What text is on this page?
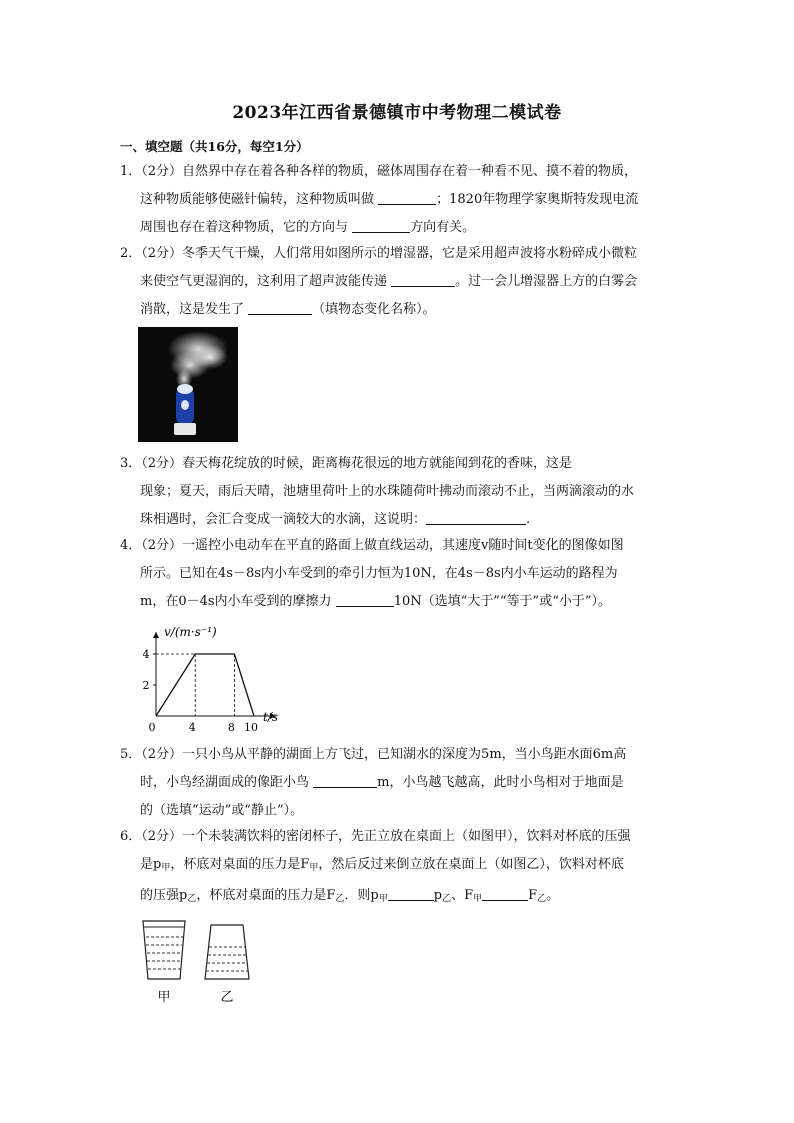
2023年江西省景德镇市中考物理二模试卷
一、填空题（共16分，每空1分）
1．（2分）自然界中存在着各种各样的物质，磁体周围存在着一种看不见、摸不着的物质，
这种物质能够使磁针偏转，这种物质叫做	；1820年物理学家奥斯特发现电流
周围也存在着这种物质，它的方向与	方向有关。
2．（2分）冬季天气干燥，人们常用如图所示的增湿器，它是采用超声波将水粉碎成小微粒
来使空气更湿润的，这利用了超声波能传递	。过一会儿增湿器上方的白雾会
消散，这是发生了	（填物态变化名称）。
3．（2分）春天梅花绽放的时候，距离梅花很远的地方就能闻到花的香味，这是
现象；夏天，雨后天晴，池塘里荷叶上的水珠随荷叶拂动而滚动不止，当两滴滚动的水
珠相遇时，会汇合变成一滴较大的水滴，这说明：	.
4．（2分）一遥控小电动车在平直的路面上做直线运动，其速度v随时间t变化的图像如图
所示。已知在4s－8s内小车受到的牵引力恒为10N，在4s－8s内小车运动的路程为
m，在0－4s内小车受到的摩擦力	10N（选填“大于”“等于”或“小于”）。
v/(m·s⁻¹)
t/s
0	4	8 10
2
4
5．（2分）一只小鸟从平静的湖面上方飞过，已知湖水的深度为5m，当小鸟距水面6m高
时，小鸟经湖面成的像距小鸟	m，小鸟越飞越高，此时小鸟相对于地面是
的（选填“运动”或“静止”）。
6．（2分）一个未装满饮料的密闭杯子，先正立放在桌面上（如图甲），饮料对杯底的压强
是$p_甲$，杯底对桌面的压力是$F_甲$，然后反过来倒立放在桌面上（如图乙），饮料对杯底
的压强$p_乙$，杯底对桌面的压力是$F_乙$．则$p_甲$	$p_乙$、$F_甲$	$F_乙$。
甲	乙
